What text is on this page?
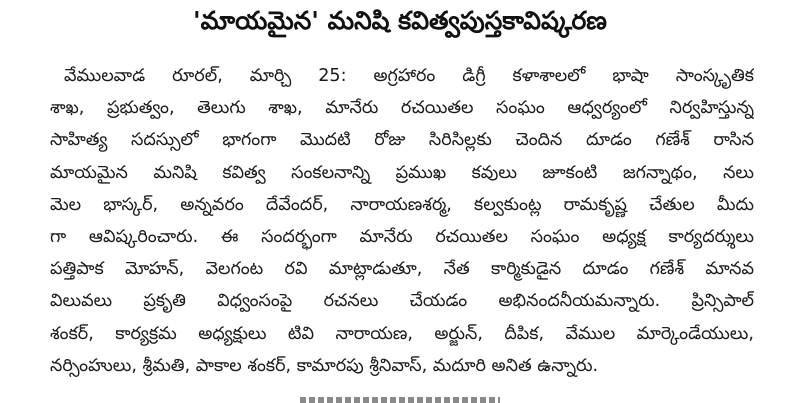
'మాయమైన' మనిషి కవిత్వపుస్తకావిష్కరణ
వేములవాడ రూరల్, మార్చి 25: అగ్రహారం డిగ్రీ కళాశాలలో భాషా సాంస్కృతిక
శాఖ, ప్రభుత్వం, తెలుగు శాఖ, మానేరు రచయితల సంఘం ఆధ్వర్యంలో నిర్వహిస్తున్న
సాహిత్య సదస్సులో భాగంగా మొదటి రోజు సిరిసిల్లకు చెందిన దూడం గణేశ్ రాసిన
మాయమైన మనిషి కవిత్వ సంకలనాన్ని ప్రముఖ కవులు జూకంటి జగన్నాథం, నలు
మెల భాస్కర్, అన్నవరం దేవేందర్, నారాయణశర్మ, కల్వకుంట్ల రామకృష్ణ చేతుల మీదు
గా ఆవిష్కరించారు. ఈ సందర్భంగా మానేరు రచయితల సంఘం అధ్యక్ష కార్యదర్శులు
పత్తిపాక మోహన్, వెలగంట రవి మాట్లాడుతూ, నేత కార్మికుడైన దూడం గణేశ్ మానవ
విలువలు ప్రకృతి విధ్వంసంపై రచనలు చేయడం అభినందనీయమన్నారు. ప్రిన్సిపాల్
శంకర్, కార్యక్రమ అధ్యక్షులు టివి నారాయణ, అర్జున్, దీపిక, వేముల మార్కెండేయులు,
నర్సింహులు, శ్రీమతి, పాకాల శంకర్, కామారపు శ్రీనివాస్, మదూరి అనిత ఉన్నారు.
